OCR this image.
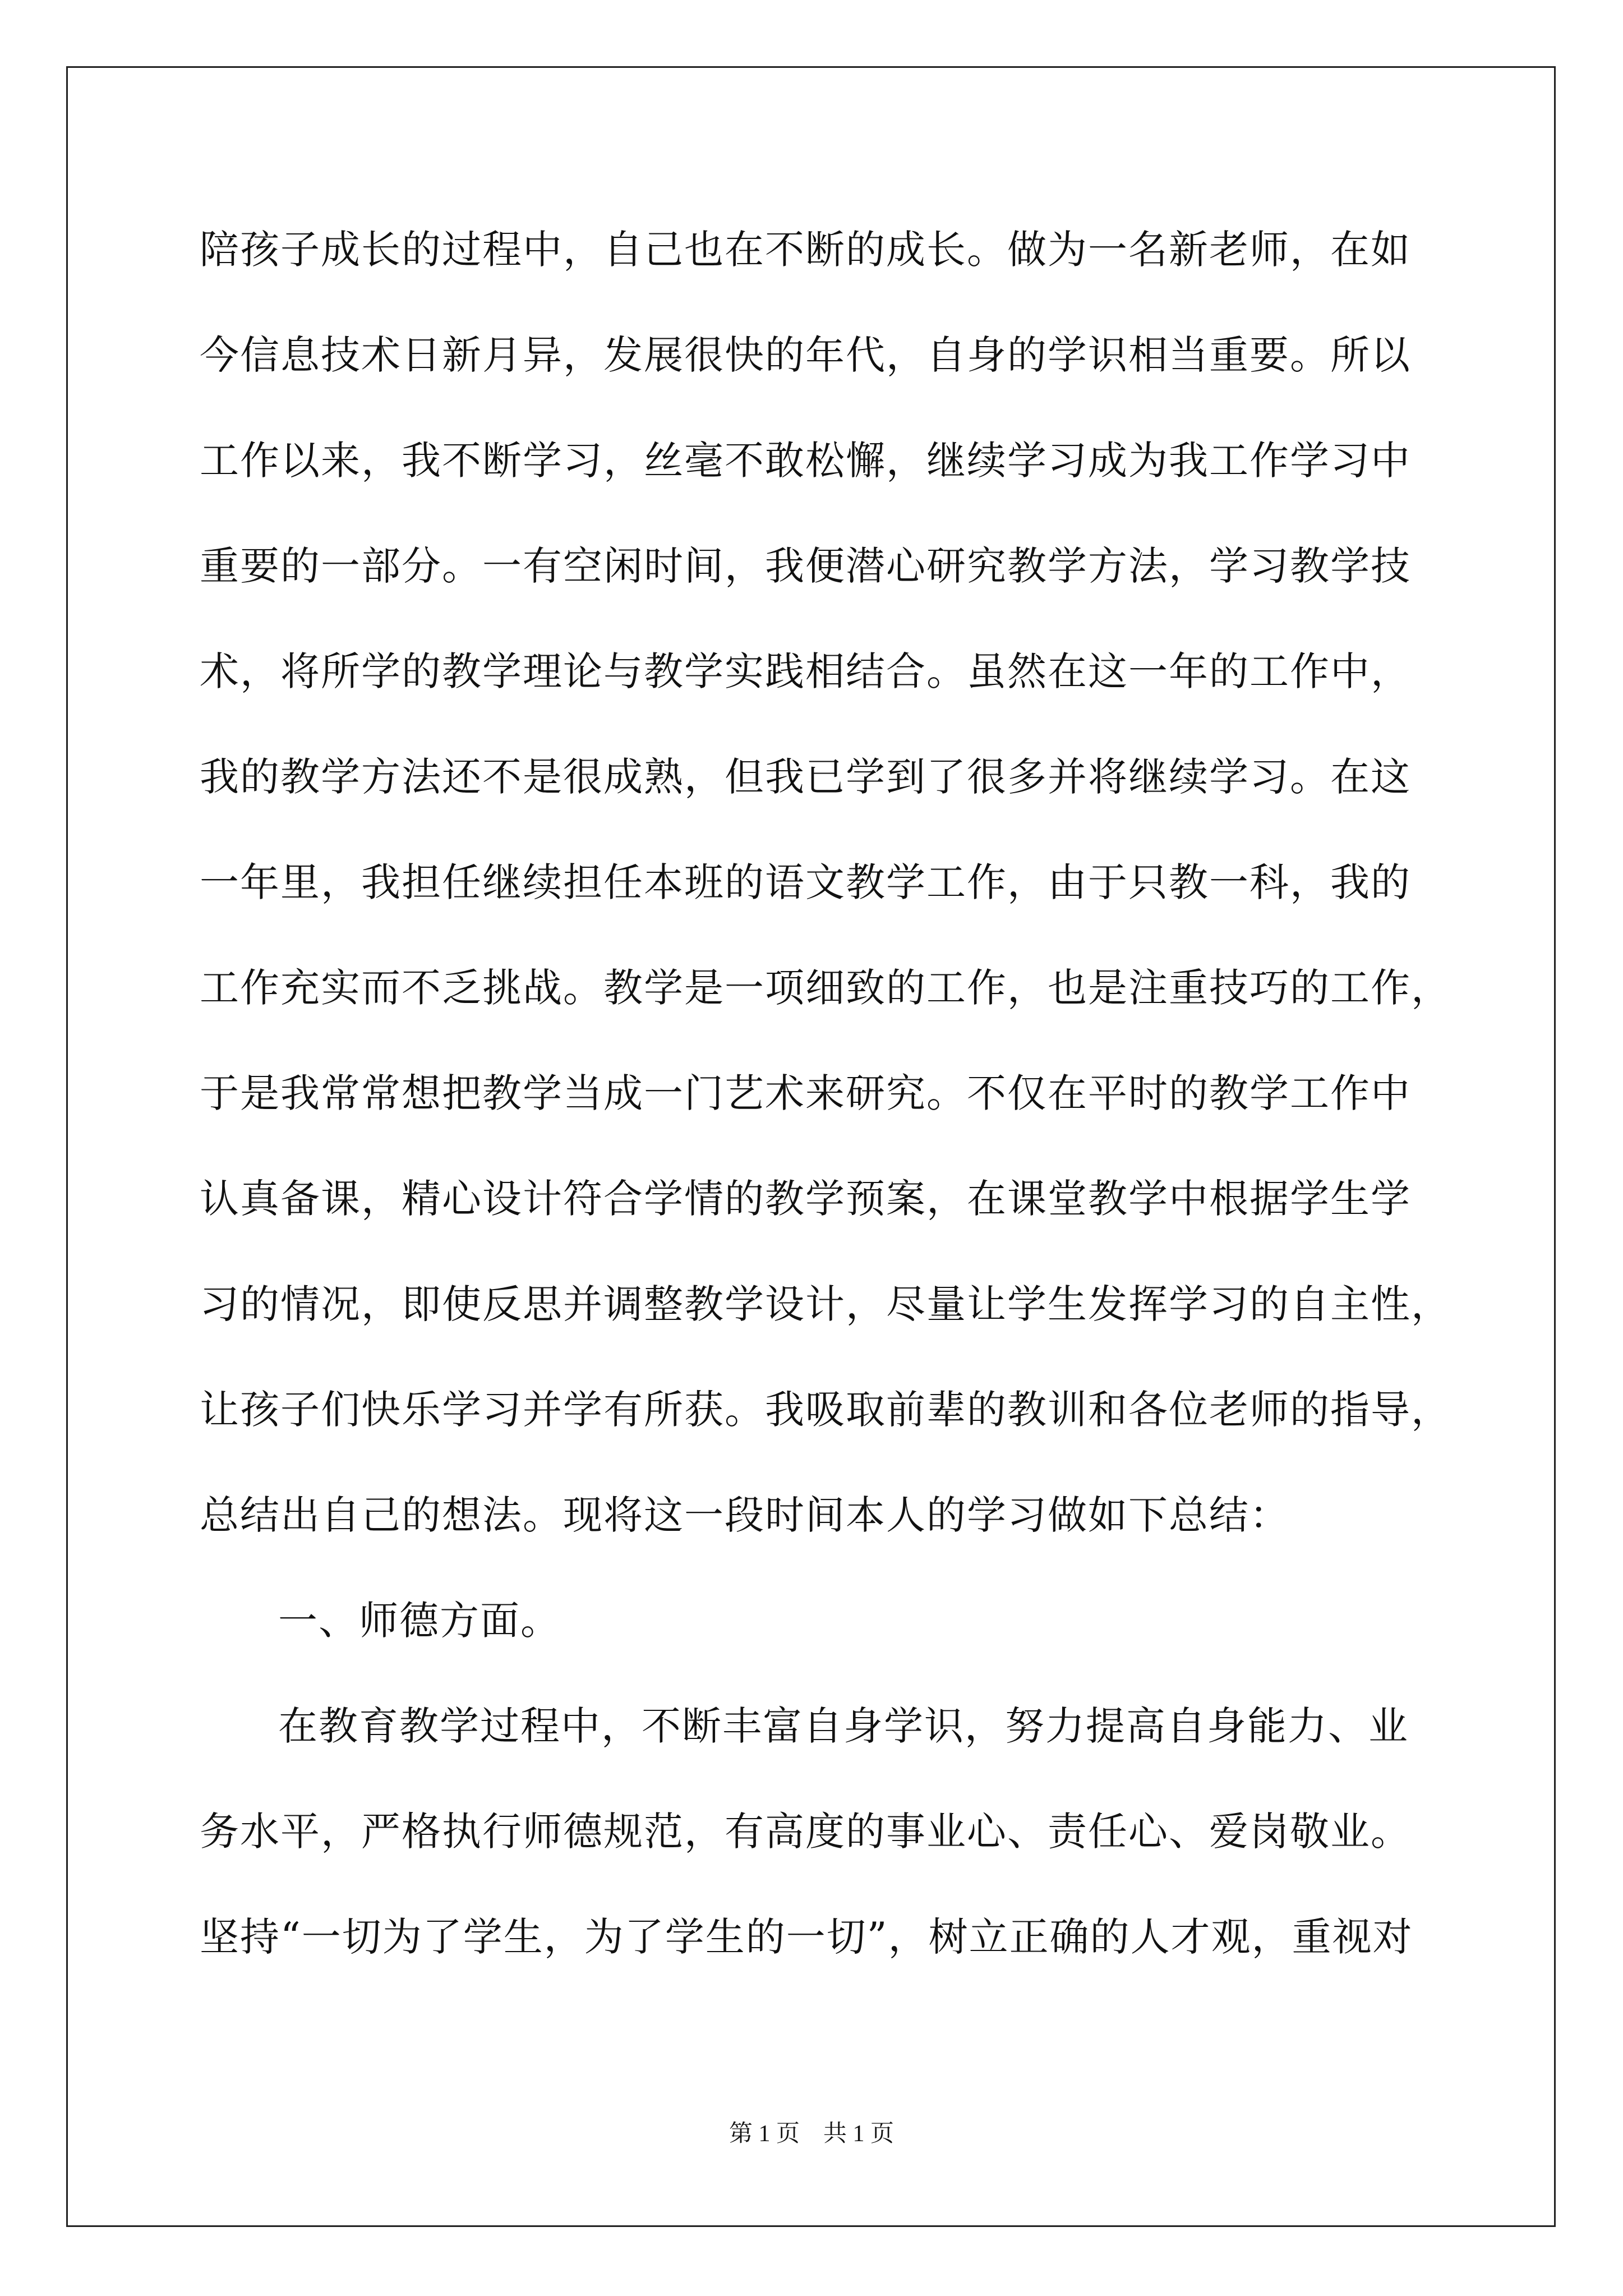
陪孩子成长的过程中，自己也在不断的成长。做为一名新老师，在如
今信息技术日新月异，发展很快的年代，自身的学识相当重要。所以
工作以来，我不断学习，丝毫不敢松懈，继续学习成为我工作学习中
重要的一部分。一有空闲时间，我便潜心研究教学方法，学习教学技
术，将所学的教学理论与教学实践相结合。虽然在这一年的工作中，
我的教学方法还不是很成熟，但我已学到了很多并将继续学习。在这
一年里，我担任继续担任本班的语文教学工作，由于只教一科，我的
工作充实而不乏挑战。教学是一项细致的工作，也是注重技巧的工作，
于是我常常想把教学当成一门艺术来研究。不仅在平时的教学工作中
认真备课，精心设计符合学情的教学预案，在课堂教学中根据学生学
习的情况，即使反思并调整教学设计，尽量让学生发挥学习的自主性，
让孩子们快乐学习并学有所获。我吸取前辈的教训和各位老师的指导，
总结出自己的想法。现将这一段时间本人的学习做如下总结：
一、师德方面。
在教育教学过程中，不断丰富自身学识，努力提高自身能力、业
务水平，严格执行师德规范，有高度的事业心、责任心、爱岗敬业。
坚持“一切为了学生，为了学生的一切”，树立正确的人才观，重视对
第 1 页　共 1 页
